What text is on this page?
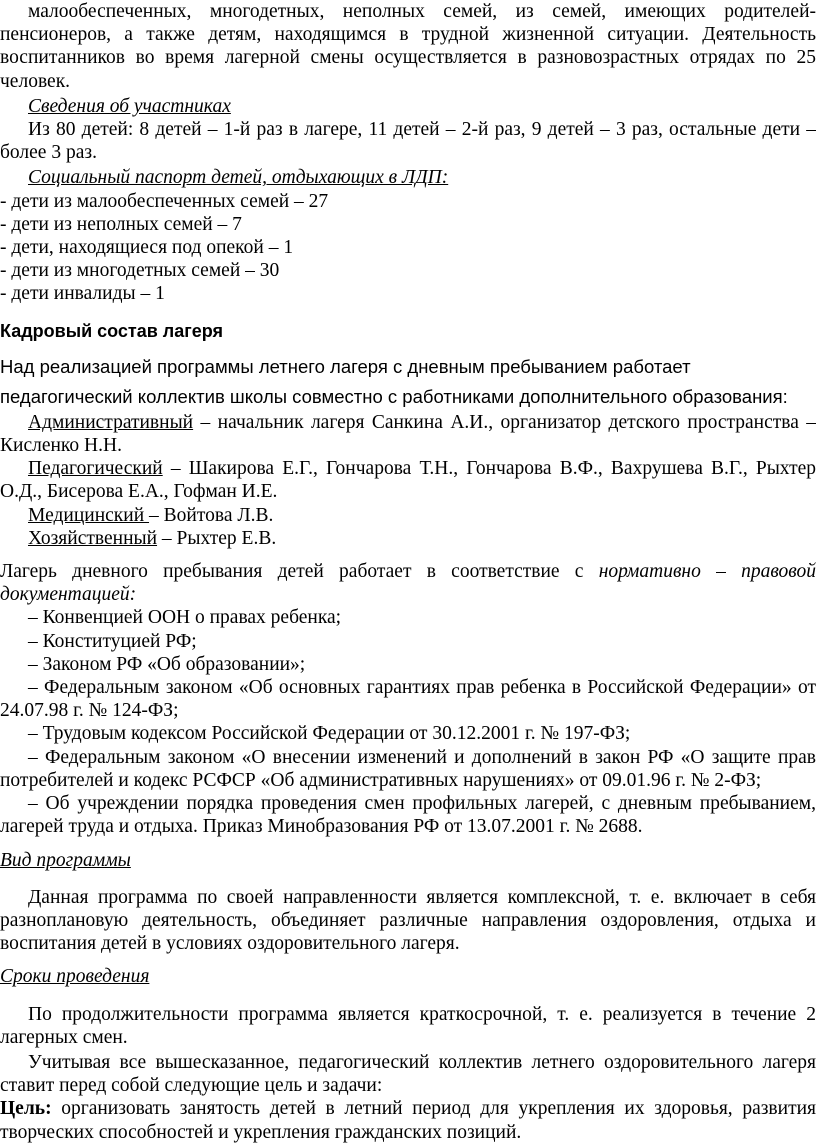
малообеспеченных, многодетных, неполных семей, из семей, имеющих родителей-пенсионеров, а также детям, находящимся в трудной жизненной ситуации. Деятельность воспитанников во время лагерной смены осуществляется в разновозрастных отрядах по 25 человек.

Сведения об участниках

Из 80 детей: 8 детей – 1-й раз в лагере, 11 детей – 2-й раз, 9 детей – 3 раз, остальные дети – более 3 раз.

Социальный паспорт детей, отдыхающих в ЛДП:

- дети из малообеспеченных семей – 27

- дети из неполных семей – 7

- дети, находящиеся под опекой – 1

- дети из многодетных семей – 30

- дети инвалиды – 1

Кадровый состав лагеря

Над реализацией программы летнего лагеря с дневным пребыванием работает

педагогический коллектив школы совместно с работниками дополнительного образования:

Административный – начальник лагеря Санкина А.И., организатор детского пространства – Кисленко Н.Н.

Педагогический – Шакирова Е.Г., Гончарова Т.Н., Гончарова В.Ф., Вахрушева В.Г., Рыхтер О.Д., Бисерова Е.А., Гофман И.Е.

Медицинский – Войтова Л.В.

Хозяйственный – Рыхтер Е.В.

Лагерь дневного пребывания детей работает в соответствие с нормативно – правовой документацией:

– Конвенцией ООН о правах ребенка;

– Конституцией РФ;

– Законом РФ «Об образовании»;

– Федеральным законом «Об основных гарантиях прав ребенка в Российской Федерации» от 24.07.98 г. № 124-ФЗ;

– Трудовым кодексом Российской Федерации от 30.12.2001 г. № 197-ФЗ;

– Федеральным законом «О внесении изменений и дополнений в закон РФ «О защите прав потребителей и кодекс РСФСР «Об административных нарушениях» от 09.01.96 г. № 2-ФЗ;

– Об учреждении порядка проведения смен профильных лагерей, с дневным пребыванием, лагерей труда и отдыха. Приказ Минобразования РФ от 13.07.2001 г. № 2688.

Вид программы

Данная программа по своей направленности является комплексной, т. е. включает в себя разноплановую деятельность, объединяет различные направления оздоровления, отдыха и воспитания детей в условиях оздоровительного лагеря.

Сроки проведения

По продолжительности программа является краткосрочной, т. е. реализуется в течение 2 лагерных смен.

Учитывая все вышесказанное, педагогический коллектив летнего оздоровительного лагеря ставит перед собой следующие цель и задачи:

Цель: организовать занятость детей в летний период для укрепления их здоровья, развития творческих способностей и укрепления гражданских позиций.
